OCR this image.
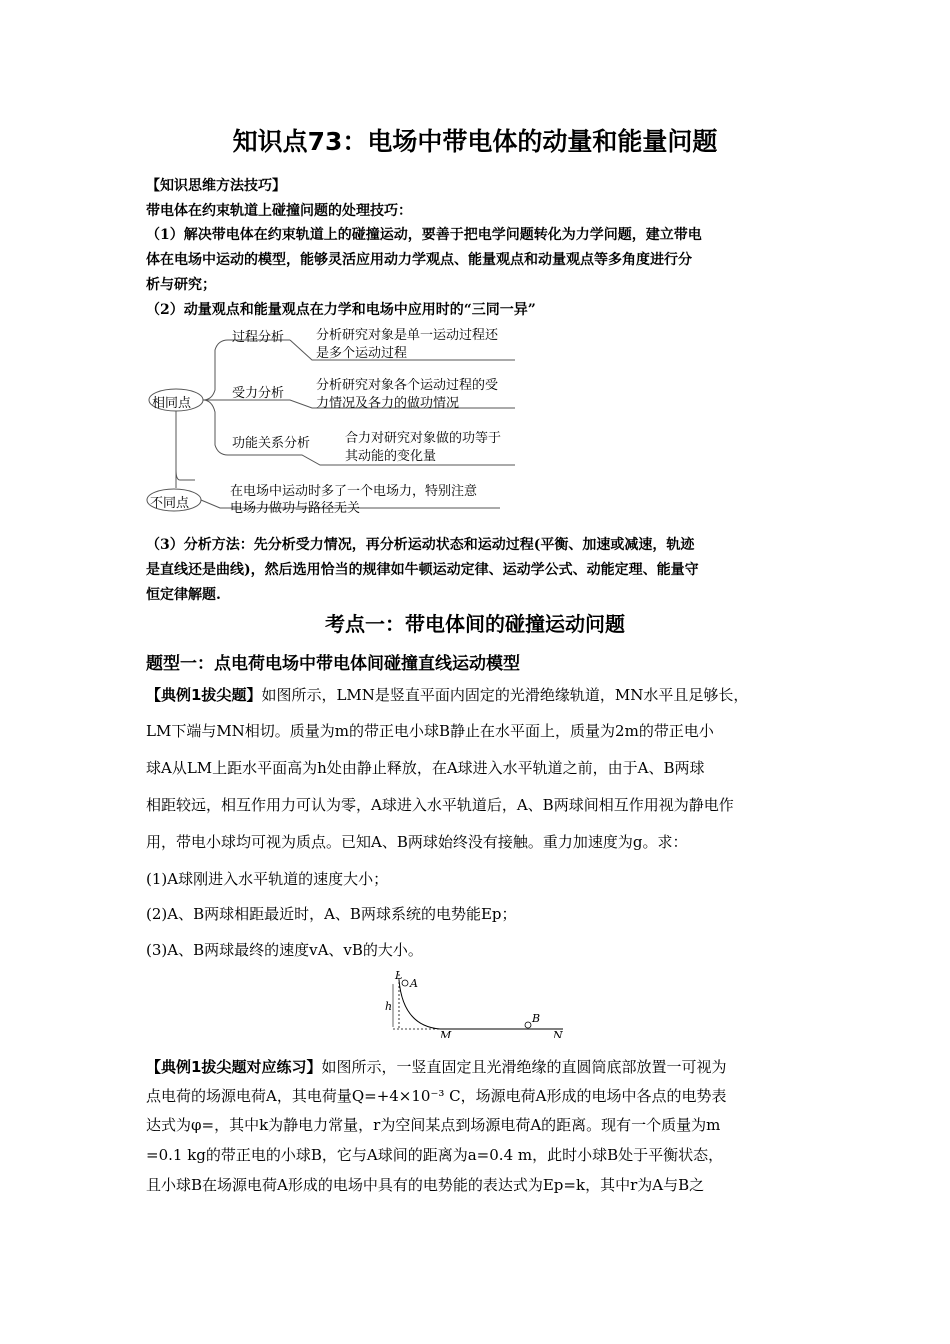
知识点73：电场中带电体的动量和能量问题
【知识思维方法技巧】
带电体在约束轨道上碰撞问题的处理技巧：
（1）解决带电体在约束轨道上的碰撞运动，要善于把电学问题转化为力学问题，建立带电
体在电场中运动的模型，能够灵活应用动力学观点、能量观点和动量观点等多角度进行分
析与研究；
（2）动量观点和能量观点在力学和电场中应用时的“三同一异”
相同点
不同点
过程分析 分析研究对象是单一运动过程还
是多个运动过程
受力分析
分析研究对象各个运动过程的受
力情况及各力的做功情况
功能关系分析	合力对研究对象做的功等于
其动能的变化量
在电场中运动时多了一个电场力，特别注意
电场力做功与路径无关
（3）分析方法：先分析受力情况，再分析运动状态和运动过程(平衡、加速或减速，轨迹
是直线还是曲线)，然后选用恰当的规律如牛顿运动定律、运动学公式、动能定理、能量守
恒定律解题.
考点一：带电体间的碰撞运动问题
题型一：点电荷电场中带电体间碰撞直线运动模型
【典例1拔尖题】如图所示，LMN是竖直平面内固定的光滑绝缘轨道，MN水平且足够长，
LM下端与MN相切。质量为m的带正电小球B静止在水平面上，质量为2m的带正电小
球A从LM上距水平面高为h处由静止释放，在A球进入水平轨道之前，由于A、B两球
相距较远，相互作用力可认为零，A球进入水平轨道后，A、B两球间相互作用视为静电作
用，带电小球均可视为质点。已知A、B两球始终没有接触。重力加速度为g。求：
(1)A球刚进入水平轨道的速度大小；
(2)A、B两球相距最近时，A、B两球系统的电势能Ep；
(3)A、B两球最终的速度vA、vB的大小。
L
A
h
M
B
N
【典例1拔尖题对应练习】如图所示，一竖直固定且光滑绝缘的直圆筒底部放置一可视为
点电荷的场源电荷A，其电荷量Q=+4×10⁻³ C，场源电荷A形成的电场中各点的电势表
达式为φ=，其中k为静电力常量，r为空间某点到场源电荷A的距离。现有一个质量为m
=0.1 kg的带正电的小球B，它与A球间的距离为a=0.4 m，此时小球B处于平衡状态，
且小球B在场源电荷A形成的电场中具有的电势能的表达式为Ep=k，其中r为A与B之
